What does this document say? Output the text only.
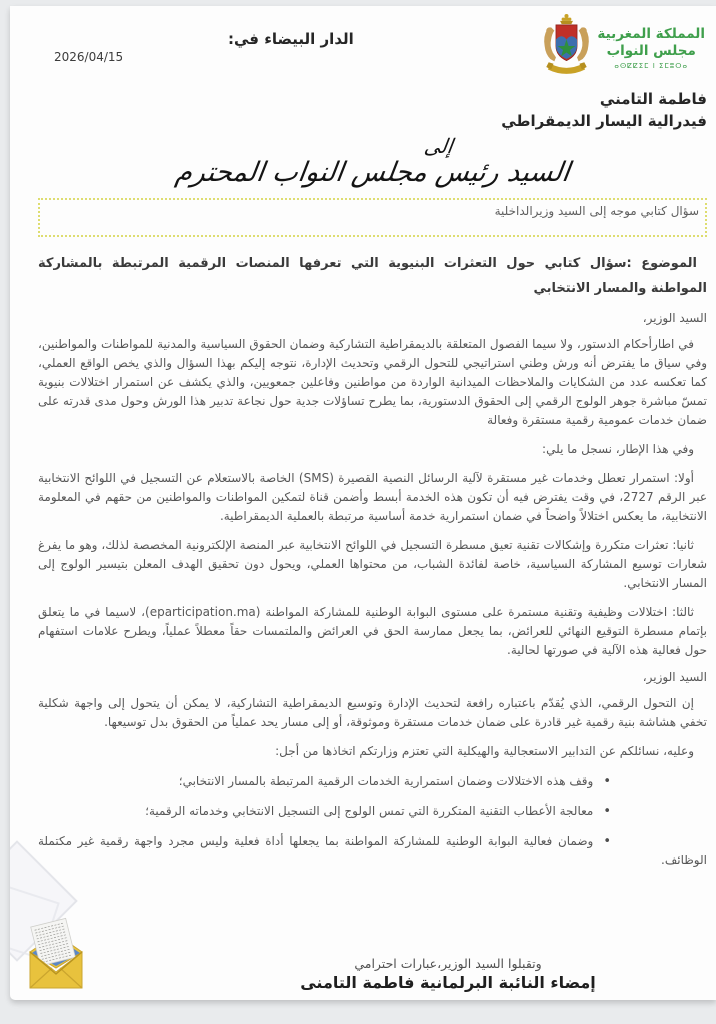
المملكة المغربية
مجلس النواب
ⴰⵙⵇⵇⵉⵎ ⵏ ⵉⵎⵓⵔⴰ
الدار البيضاء في:
2026/04/15
فاطمة التامني
فيدرالية اليسار الديمقراطي
إلى
السيد رئيس مجلس النواب المحترم
سؤال كتابي موجه إلى السيد وزيرالداخلية
الموضوع :سؤال كتابي حول التعثرات البنيوية التي تعرفها المنصات الرقمية المرتبطة بالمشاركة المواطنة والمسار الانتخابي
السيد الوزير،
في اطارأحكام الدستور، ولا سيما الفصول المتعلقة بالديمقراطية التشاركية وضمان الحقوق السياسية والمدنية للمواطنات والمواطنين، وفي سياق ما يفترض أنه ورش وطني استراتيجي للتحول الرقمي وتحديث الإدارة، نتوجه إليكم بهذا السؤال والذي يخص الواقع العملي، كما تعكسه عدد من الشكايات والملاحظات الميدانية الواردة من مواطنين وفاعلين جمعويين، والذي يكشف عن استمرار اختلالات بنيوية تمسّ مباشرة جوهر الولوج الرقمي إلى الحقوق الدستورية، بما يطرح تساؤلات جدية حول نجاعة تدبير هذا الورش وحول مدى قدرته على ضمان خدمات عمومية رقمية مستقرة وفعالة
وفي هذا الإطار، نسجل ما يلي:
أولا: استمرار تعطل وخدمات غير مستقرة لآلية الرسائل النصية القصيرة (SMS) الخاصة بالاستعلام عن التسجيل في اللوائح الانتخابية عبر الرقم 2727، في وقت يفترض فيه أن تكون هذه الخدمة أبسط وأضمن قناة لتمكين المواطنات والمواطنين من حقهم في المعلومة الانتخابية، ما يعكس اختلالاً واضحاً في ضمان استمرارية خدمة أساسية مرتبطة بالعملية الديمقراطية.
ثانيا: تعثرات متكررة وإشكالات تقنية تعيق مسطرة التسجيل في اللوائح الانتخابية عبر المنصة الإلكترونية المخصصة لذلك، وهو ما يفرغ شعارات توسيع المشاركة السياسية، خاصة لفائدة الشباب، من محتواها العملي، ويحول دون تحقيق الهدف المعلن بتيسير الولوج إلى المسار الانتخابي.
ثالثا: اختلالات وظيفية وتقنية مستمرة على مستوى البوابة الوطنية للمشاركة المواطنة (eparticipation.ma)، لاسيما في ما يتعلق بإتمام مسطرة التوقيع النهائي للعرائض، بما يجعل ممارسة الحق في العرائض والملتمسات حقاً معطلاً عملياً، ويطرح علامات استفهام حول فعالية هذه الآلية في صورتها لحالية.
السيد الوزير،
إن التحول الرقمي، الذي يُقدّم باعتباره رافعة لتحديث الإدارة وتوسيع الديمقراطية التشاركية، لا يمكن أن يتحول إلى واجهة شكلية تخفي هشاشة بنية رقمية غير قادرة على ضمان خدمات مستقرة وموثوقة، أو إلى مسار يحد عملياً من الحقوق بدل توسيعها.
وعليه، نسائلكم عن التدابير الاستعجالية والهيكلية التي تعتزم وزارتكم اتخاذها من أجل:
•وقف هذه الاختلالات وضمان استمرارية الخدمات الرقمية المرتبطة بالمسار الانتخابي؛
•معالجة الأعطاب التقنية المتكررة التي تمس الولوج إلى التسجيل الانتخابي وخدماته الرقمية؛
•وضمان فعالية البوابة الوطنية للمشاركة المواطنة بما يجعلها أداة فعلية وليس مجرد واجهة رقمية غير مكتملة الوظائف.
وتقبلوا السيد الوزير،عبارات احترامي
إمضاء النائبة البرلمانية فاطمة التامنى
